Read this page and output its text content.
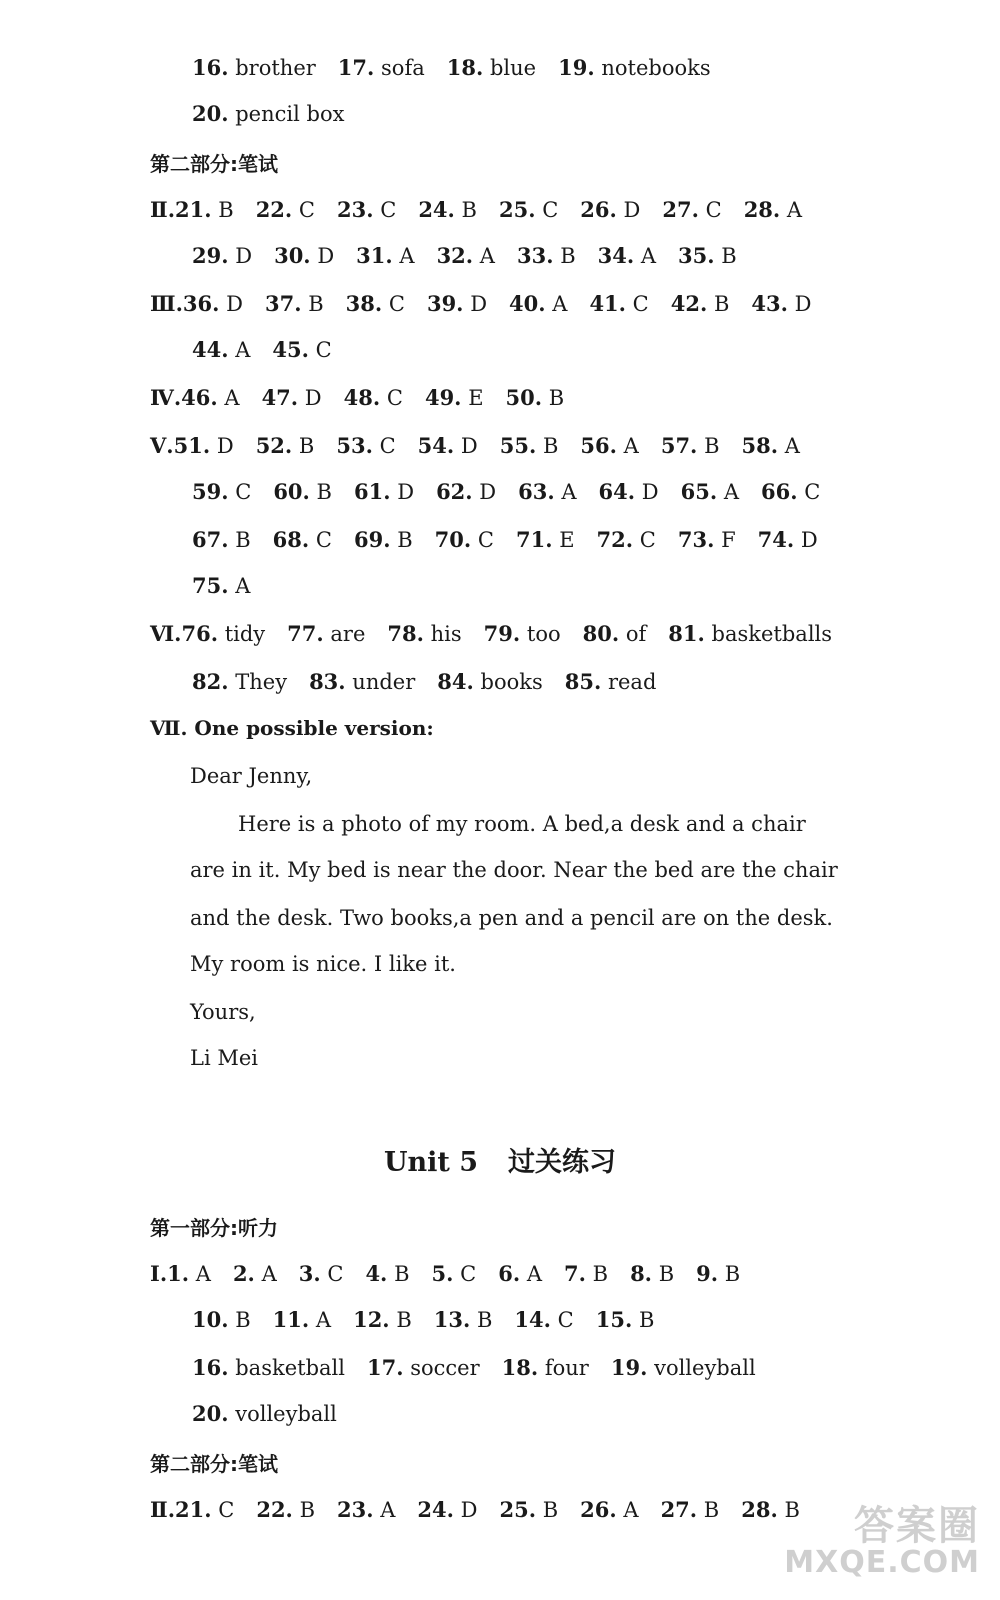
16. brother 17. sofa 18. blue 19. notebooks
20. pencil box
第二部分:笔试
Ⅱ.21. B 22. C 23. C 24. B 25. C 26. D 27. C 28. A
29. D 30. D 31. A 32. A 33. B 34. A 35. B
Ⅲ.36. D 37. B 38. C 39. D 40. A 41. C 42. B 43. D
44. A 45. C
Ⅳ.46. A 47. D 48. C 49. E 50. B
Ⅴ.51. D 52. B 53. C 54. D 55. B 56. A 57. B 58. A
59. C 60. B 61. D 62. D 63. A 64. D 65. A 66. C
67. B 68. C 69. B 70. C 71. E 72. C 73. F 74. D
75. A
Ⅵ.76. tidy 77. are 78. his 79. too 80. of 81. basketballs
82. They 83. under 84. books 85. read
Ⅶ. One possible version:
Dear Jenny,
Here is a photo of my room. A bed,a desk and a chair
are in it. My bed is near the door. Near the bed are the chair
and the desk. Two books,a pen and a pencil are on the desk.
My room is nice. I like it.
Yours,
Li Mei
Unit 5 过关练习
第一部分:听力
Ⅰ.1. A 2. A 3. C 4. B 5. C 6. A 7. B 8. B 9. B
10. B 11. A 12. B 13. B 14. C 15. B
16. basketball 17. soccer 18. four 19. volleyball
20. volleyball
第二部分:笔试
Ⅱ.21. C 22. B 23. A 24. D 25. B 26. A 27. B 28. B	答案圈
MXQE.COM
